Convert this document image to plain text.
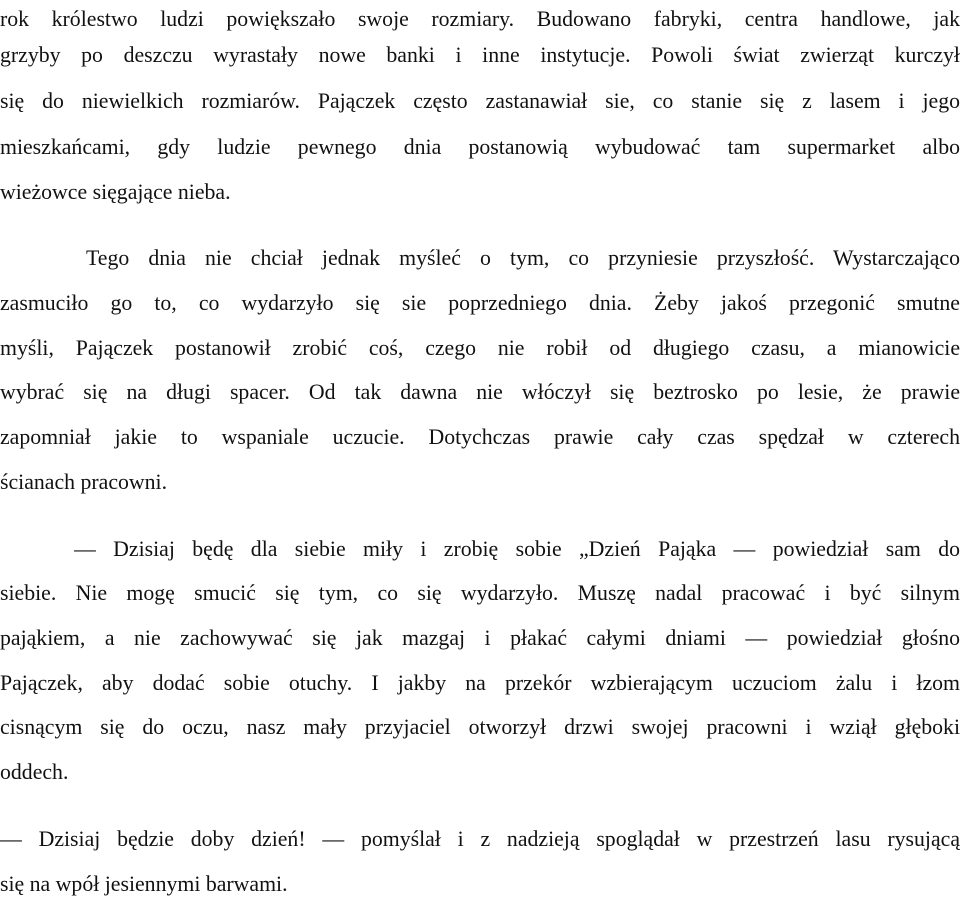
rok królestwo ludzi powiększało swoje rozmiary. Budowano fabryki, centra handlowe, jak
grzyby po deszczu wyrastały nowe banki i inne instytucje. Powoli świat zwierząt kurczył
się do niewielkich rozmiarów. Pajączek często zastanawiał sie, co stanie się z lasem i jego
mieszkańcami, gdy ludzie pewnego dnia postanowią wybudować tam supermarket albo
wieżowce sięgające nieba.
Tego dnia nie chciał jednak myśleć o tym, co przyniesie przyszłość. Wystarczająco
zasmuciło go to, co wydarzyło się sie poprzedniego dnia. Żeby jakoś przegonić smutne
myśli, Pajączek postanowił zrobić coś, czego nie robił od długiego czasu, a mianowicie
wybrać się na długi spacer. Od tak dawna nie włóczył się beztrosko po lesie, że prawie
zapomniał jakie to wspaniale uczucie. Dotychczas prawie cały czas spędzał w czterech
ścianach pracowni.
— Dzisiaj będę dla siebie miły i zrobię sobie „Dzień Pająka — powiedział sam do
siebie. Nie mogę smucić się tym, co się wydarzyło. Muszę nadal pracować i być silnym
pająkiem, a nie zachowywać się jak mazgaj i płakać całymi dniami — powiedział głośno
Pajączek, aby dodać sobie otuchy. I jakby na przekór wzbierającym uczuciom żalu i łzom
cisnącym się do oczu, nasz mały przyjaciel otworzył drzwi swojej pracowni i wziął głęboki
oddech.
— Dzisiaj będzie doby dzień! — pomyślał i z nadzieją spoglądał w przestrzeń lasu rysującą
się na wpół jesiennymi barwami.
